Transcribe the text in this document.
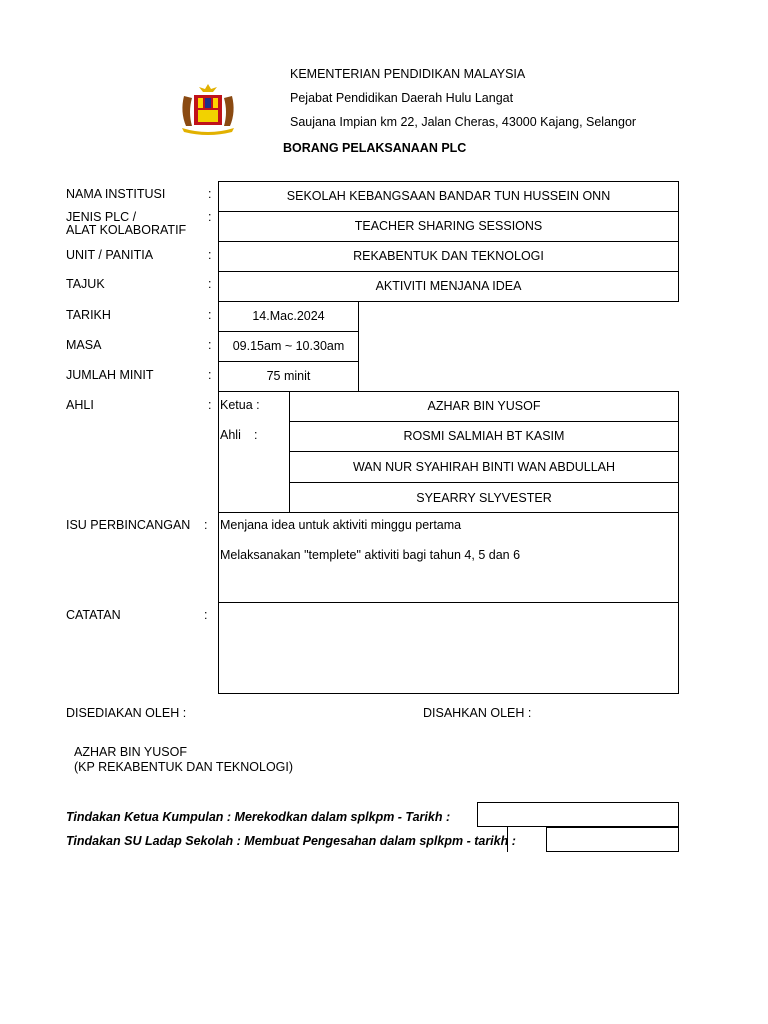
KEMENTERIAN PENDIDIKAN MALAYSIA
Pejabat Pendidikan Daerah Hulu Langat
Saujana Impian km 22, Jalan Cheras, 43000 Kajang, Selangor
BORANG PELAKSANAAN PLC
NAMA INSTITUSI
JENIS PLC /
ALAT KOLABORATIF
UNIT / PANITIA
TAJUK
TARIKH
MASA
JUMLAH MINIT
AHLI
ISU PERBINCANGAN
CATATAN
:
:
:
:
:
:
:
:
:
:
SEKOLAH KEBANGSAAN BANDAR TUN HUSSEIN ONN
TEACHER SHARING SESSIONS
REKABENTUK DAN TEKNOLOGI
AKTIVITI MENJANA IDEA
14.Mac.2024
09.15am ~ 10.30am
75 minit
Ketua :
Ahli :
AZHAR BIN YUSOF
ROSMI SALMIAH BT KASIM
WAN NUR SYAHIRAH BINTI WAN ABDULLAH
SYEARRY SLYVESTER
Menjana idea untuk aktiviti minggu pertama
Melaksanakan "templete" aktiviti bagi tahun 4, 5 dan 6
DISEDIAKAN OLEH :	DISAHKAN OLEH :
AZHAR BIN YUSOF
(KP REKABENTUK DAN TEKNOLOGI)
Tindakan Ketua Kumpulan : Merekodkan dalam splkpm - Tarikh :
Tindakan SU Ladap Sekolah : Membuat Pengesahan dalam splkpm - tarikh :
